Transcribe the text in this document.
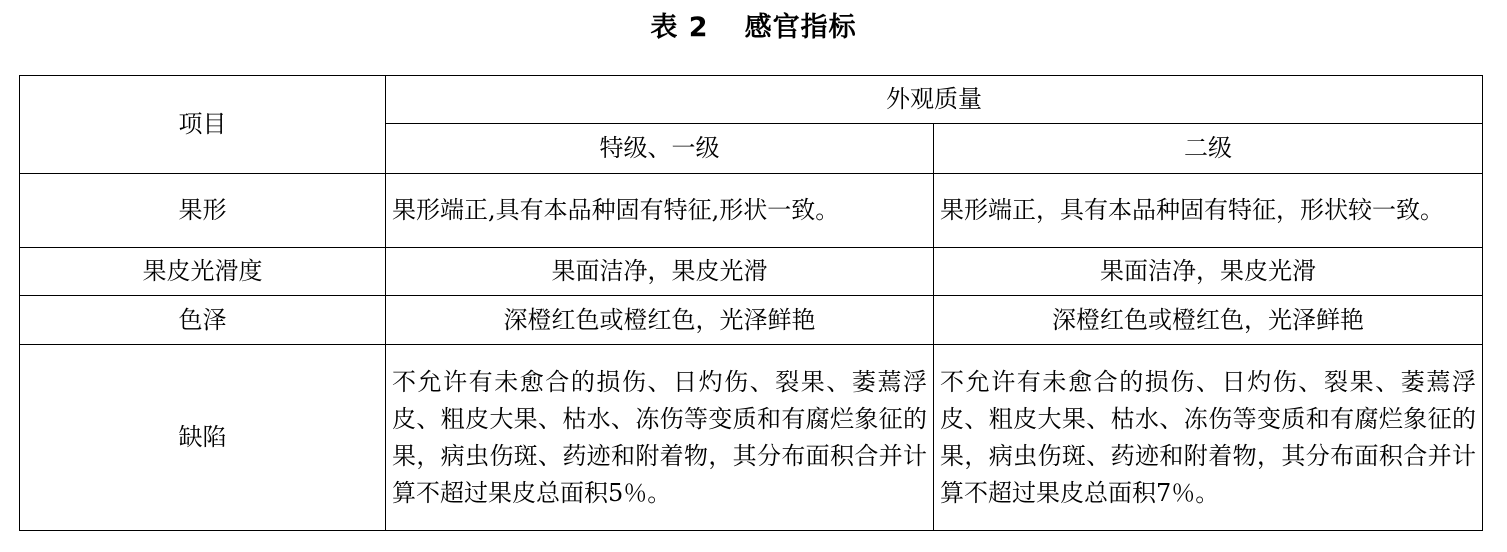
表 2 感官指标
项目	外观质量	
	特级、一级	二级
果形	果形端正,具有本品种固有特征,形状一致。	果形端正，具有本品种固有特征，形状较一致。
果皮光滑度	果面洁净，果皮光滑	果面洁净，果皮光滑
色泽	深橙红色或橙红色，光泽鲜艳	深橙红色或橙红色，光泽鲜艳
缺陷	不允许有未愈合的损伤、日灼伤、裂果、萎蔫浮皮、粗皮大果、枯水、冻伤等变质和有腐烂象征的果，病虫伤斑、药迹和附着物，其分布面积合并计算不超过果皮总面积5％。	不允许有未愈合的损伤、日灼伤、裂果、萎蔫浮皮、粗皮大果、枯水、冻伤等变质和有腐烂象征的果，病虫伤斑、药迹和附着物，其分布面积合并计算不超过果皮总面积7％。
